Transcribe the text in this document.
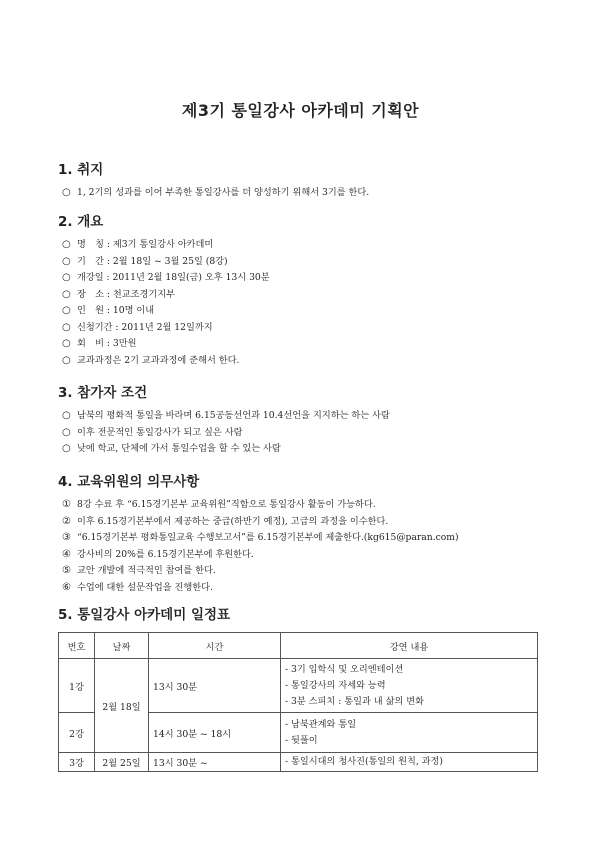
제3기 통일강사 아카데미 기획안
1. 취지
○ 1, 2기의 성과를 이어 부족한 통일강사를 더 양성하기 위해서 3기를 한다.
2. 개요
○ 명　칭 : 제3기 통일강사 아카데미
○ 기　간 : 2월 18일 ~ 3월 25일 (8강)
○ 개강일 : 2011년 2월 18일(금) 오후 13시 30분
○ 장　소 : 천교조경기지부
○ 인　원 : 10명 이내
○ 신청기간 : 2011년 2월 12일까지
○ 회　비 : 3만원
○ 교과과정은 2기 교과과정에 준해서 한다.
3. 참가자 조건
○ 남북의 평화적 통일을 바라며 6.15공동선언과 10.4선언을 지지하는 하는 사람
○ 이후 전문적인 통일강사가 되고 싶은 사람
○ 낮에 학교, 단체에 가서 통일수업을 할 수 있는 사람
4. 교육위원의 의무사항
① 8강 수료 후 “6.15경기본부 교육위원”직함으로 통일강사 활동이 가능하다.
② 이후 6.15경기본부에서 제공하는 중급(하반기 예정), 고급의 과정을 이수한다.
③ “6.15경기본부 평화통일교육 수행보고서”를 6.15경기본부에 제출한다.(kg615@paran.com)
④ 강사비의 20%를 6.15경기본부에 후원한다.
⑤ 교안 개발에 적극적인 참여를 한다.
⑥ 수업에 대한 설문작업을 진행한다.
5. 통일강사 아카데미 일정표
번호	날짜	시간	강연 내용
1강	2월 18일	13시 30분	- 3기 입학식 및 오리엔테이션
- 통일강사의 자세와 능력
- 3분 스피치 : 통일과 내 삶의 변화

2강		14시 30분 ~ 18시	- 남북관계와 통일
- 뒷풀이

3강	2월 25일	13시 30분 ~	- 통일시대의 청사진(통일의 원칙, 과정)
